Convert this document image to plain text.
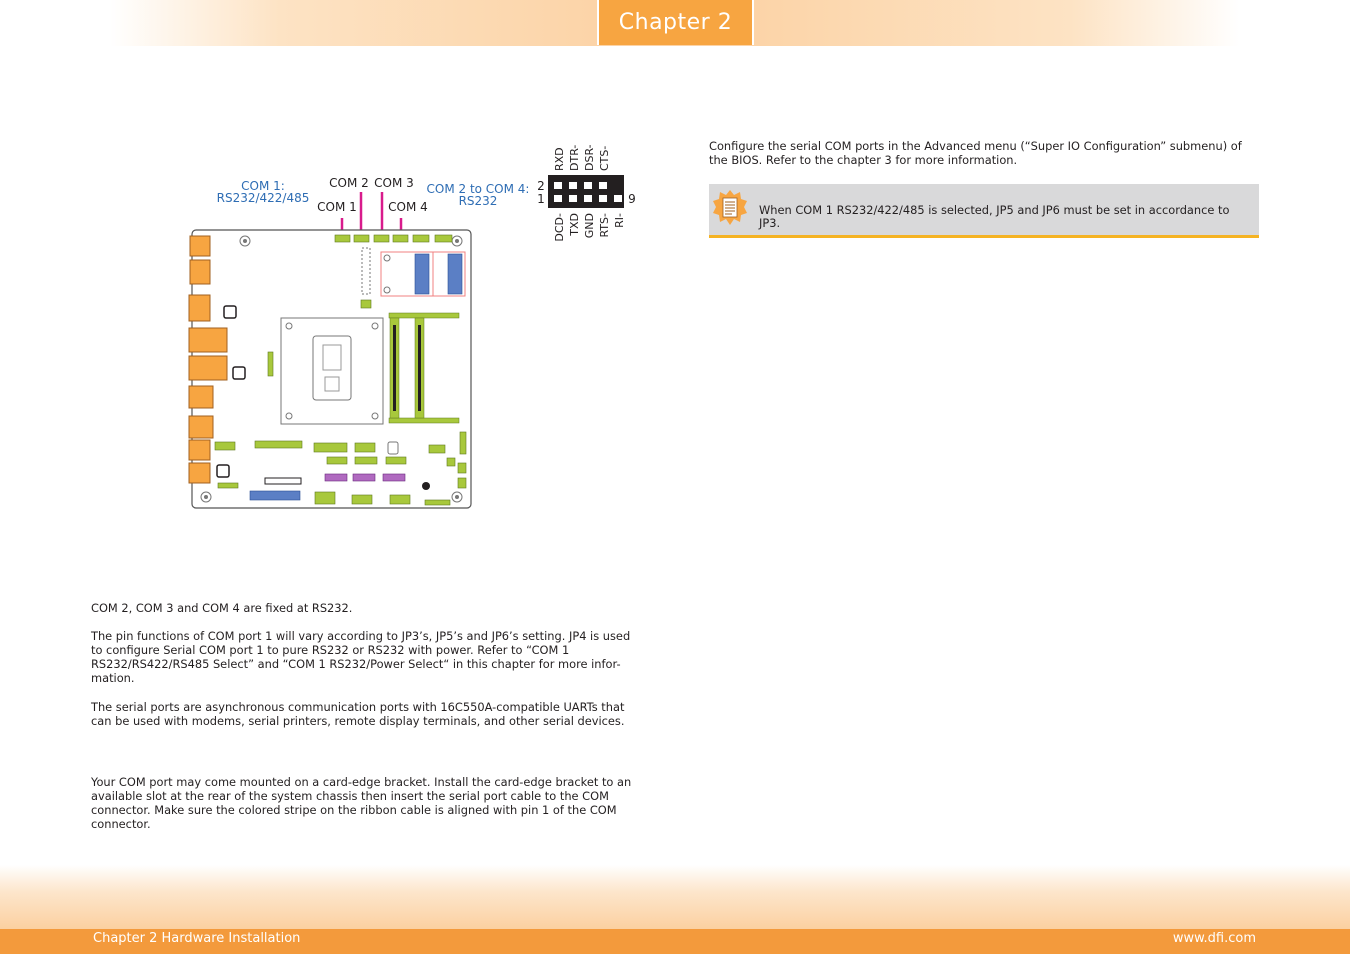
Chapter 2
COM 1:
RS232/422/485
COM 2 COM 3
COM 1	COM 4
COM 2 to COM 4:
RS232
2
1	9
RXD DTR- DSR- CTS-
DCD- TXD GND RTS- RI-

Configure the serial COM ports in the Advanced menu (“Super IO Configuration” submenu) of the BIOS. Refer to the chapter 3 for more information.

When COM 1 RS232/422/485 is selected, JP5 and JP6 must be set in accordance to JP3.

COM 2, COM 3 and COM 4 are fixed at RS232.

The pin functions of COM port 1 will vary according to JP3’s, JP5’s and JP6’s setting. JP4 is used to configure Serial COM port 1 to pure RS232 or RS232 with power. Refer to “COM 1 RS232/RS422/RS485 Select” and “COM 1 RS232/Power Select“ in this chapter for more infor-mation.

The serial ports are asynchronous communication ports with 16C550A-compatible UARTs that can be used with modems, serial printers, remote display terminals, and other serial devices.

Your COM port may come mounted on a card-edge bracket. Install the card-edge bracket to an available slot at the rear of the system chassis then insert the serial port cable to the COM connector. Make sure the colored stripe on the ribbon cable is aligned with pin 1 of the COM connector.

Chapter 2 Hardware Installation	www.dfi.com
